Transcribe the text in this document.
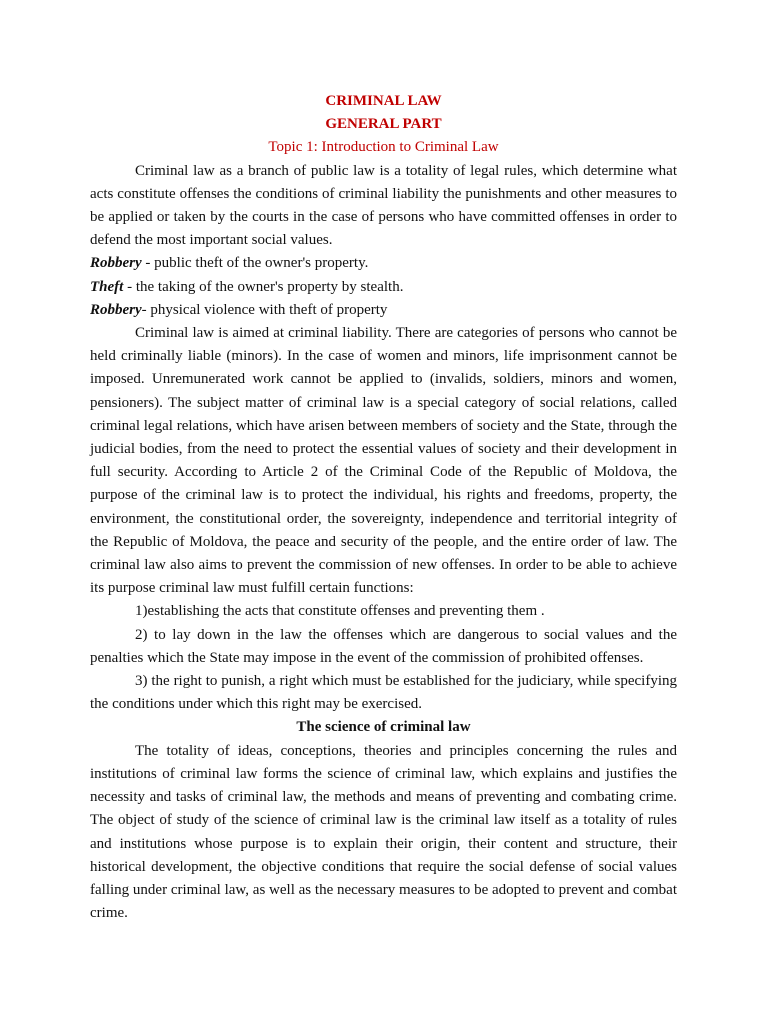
CRIMINAL LAW
GENERAL PART
Topic 1: Introduction to Criminal Law

Criminal law as a branch of public law is a totality of legal rules, which determine what acts constitute offenses the conditions of criminal liability the punishments and other measures to be applied or taken by the courts in the case of persons who have committed offenses in order to defend the most important social values.

Robbery - public theft of the owner's property.

Theft - the taking of the owner's property by stealth.

Robbery- physical violence with theft of property

Criminal law is aimed at criminal liability. There are categories of persons who cannot be held criminally liable (minors). In the case of women and minors, life imprisonment cannot be imposed. Unremunerated work cannot be applied to (invalids, soldiers, minors and women, pensioners). The subject matter of criminal law is a special category of social relations, called criminal legal relations, which have arisen between members of society and the State, through the judicial bodies, from the need to protect the essential values of society and their development in full security. According to Article 2 of the Criminal Code of the Republic of Moldova, the purpose of the criminal law is to protect the individual, his rights and freedoms, property, the environment, the constitutional order, the sovereignty, independence and territorial integrity of the Republic of Moldova, the peace and security of the people, and the entire order of law. The criminal law also aims to prevent the commission of new offenses. In order to be able to achieve its purpose criminal law must fulfill certain functions:

1)establishing the acts that constitute offenses and preventing them .

2) to lay down in the law the offenses which are dangerous to social values and the penalties which the State may impose in the event of the commission of prohibited offenses.

3) the right to punish, a right which must be established for the judiciary, while specifying the conditions under which this right may be exercised.

The science of criminal law

The totality of ideas, conceptions, theories and principles concerning the rules and institutions of criminal law forms the science of criminal law, which explains and justifies the necessity and tasks of criminal law, the methods and means of preventing and combating crime. The object of study of the science of criminal law is the criminal law itself as a totality of rules and institutions whose purpose is to explain their origin, their content and structure, their historical development, the objective conditions that require the social defense of social values falling under criminal law, as well as the necessary measures to be adopted to prevent and combat crime.
